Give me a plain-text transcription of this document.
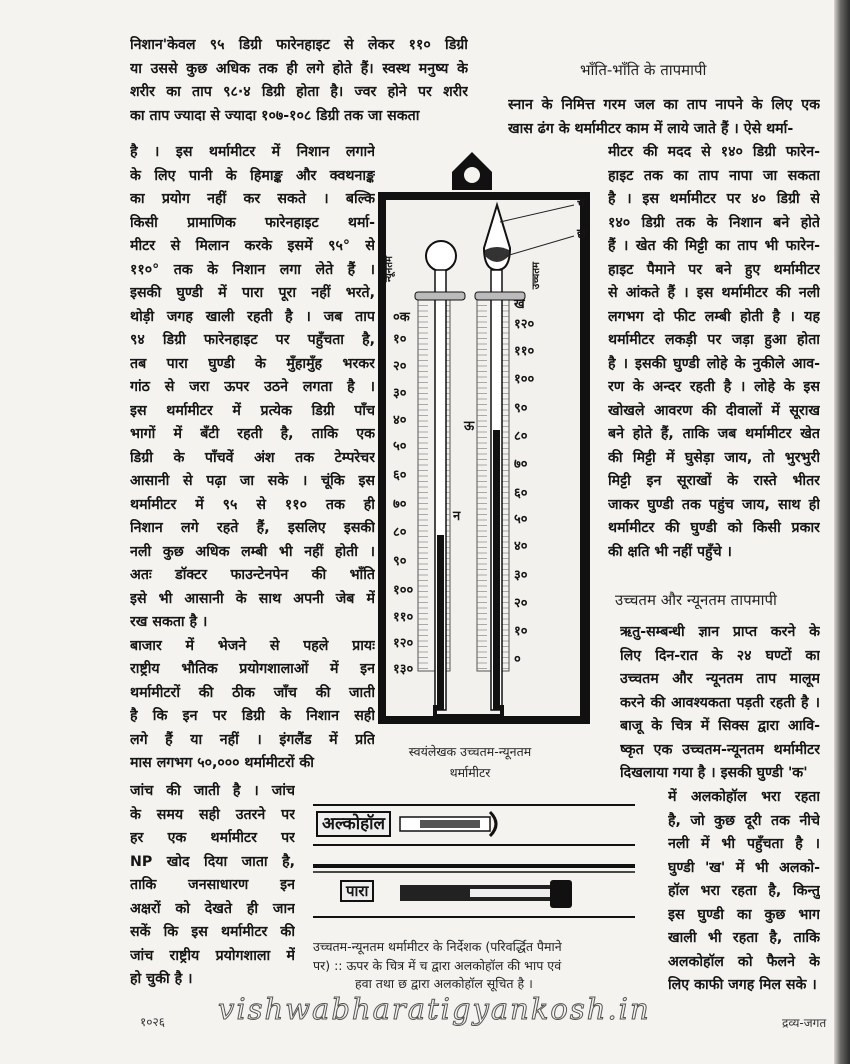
निशान'केवल ९५ डिग्री फारेनहाइट से लेकर ११० डिग्री
या उससे कुछ अधिक तक ही लगे होते हैं। स्वस्थ मनुष्य के
शरीर का ताप ९८·४ डिग्री होता है। ज्वर होने पर शरीर
का ताप ज्यादा से ज्यादा १०७-१०८ डिग्री तक जा सकता
है । इस थर्मामीटर में निशान लगाने
के लिए पानी के हिमाङ्क और क्वथनाङ्क
का प्रयोग नहीं कर सकते । बल्कि
किसी प्रामाणिक फारेनहाइट थर्मा-
मीटर से मिलान करके इसमें ९५° से
११०° तक के निशान लगा लेते हैं ।
इसकी घुण्डी में पारा पूरा नहीं भरते,
थोड़ी जगह खाली रहती है । जब ताप
९४ डिग्री फारेनहाइट पर पहुँचता है,
तब पारा घुण्डी के मुँहामुँह भरकर
गांठ से जरा ऊपर उठने लगता है ।
इस थर्मामीटर में प्रत्येक डिग्री पाँच
भागों में बँटी रहती है, ताकि एक
डिग्री के पाँचवें अंश तक टेम्परेचर
आसानी से पढ़ा जा सके । चूंकि इस
थर्मामीटर में ९५ से ११० तक ही
निशान लगे रहते हैं, इसलिए इसकी
नली कुछ अधिक लम्बी भी नहीं होती ।
अतः डॉक्टर फाउन्टेनपेन की भाँति
इसे भी आसानी के साथ अपनी जेब में
रख सकता है ।
बाजार में भेजने से पहले प्रायः
राष्ट्रीय भौतिक प्रयोगशालाओं में इन
थर्मामीटरों की ठीक जाँच की जाती
है कि इन पर डिग्री के निशान सही
लगे हैं या नहीं । इंगलैंड में प्रति
मास लगभग ५०,००० थर्मामीटरों की
जांच की जाती है । जांच
के समय सही उतरने पर
हर एक थर्मामीटर पर
NP खोद दिया जाता है,
ताकि जनसाधारण इन
अक्षरों को देखते ही जान
सकें कि इस थर्मामीटर की
जांच राष्ट्रीय प्रयोगशाला में
हो चुकी है ।
भाँति-भाँति के तापमापी
स्नान के निमित्त गरम जल का ताप नापने के लिए एक
खास ढंग के थर्मामीटर काम में लाये जाते हैं । ऐसे थर्मा-
मीटर की मदद से १४० डिग्री फारेन-
हाइट तक का ताप नापा जा सकता
है । इस थर्मामीटर पर ४० डिग्री से
१४० डिग्री तक के निशान बने होते
हैं । खेत की मिट्टी का ताप भी फारेन-
हाइट पैमाने पर बने हुए थर्मामीटर
से आंकते हैं । इस थर्मामीटर की नली
लगभग दो फीट लम्बी होती है । यह
थर्मामीटर लकड़ी पर जड़ा हुआ होता
है । इसकी घुण्डी लोहे के नुकीले आव-
रण के अन्दर रहती है । लोहे के इस
खोखले आवरण की दीवालों में सूराख
बने होते हैं, ताकि जब थर्मामीटर खेत
की मिट्टी में घुसेड़ा जाय, तो भुरभुरी
मिट्टी इन सूराखों के रास्ते भीतर
जाकर घुण्डी तक पहुंच जाय, साथ ही
थर्मामीटर की घुण्डी को किसी प्रकार
की क्षति भी नहीं पहुँचे ।
उच्चतम और न्यूनतम तापमापी
ऋतु-सम्बन्धी ज्ञान प्राप्त करने के
लिए दिन-रात के २४ घण्टों का
उच्चतम और न्यूनतम ताप मालूम
करने की आवश्यकता पड़ती रहती है ।
बाजू के चित्र में सिक्स द्वारा आवि-
ष्कृत एक उच्चतम-न्यूनतम थर्मामीटर
दिखलाया गया है । इसकी घुण्डी 'क'
में अलकोहॉल भरा रहता
है, जो कुछ दूरी तक नीचे
नली में भी पहुँचता है ।
घुण्डी 'ख' में भी अलको-
हॉल भरा रहता है, किन्तु
इस घुण्डी का कुछ भाग
खाली भी रहता है, ताकि
अलकोहॉल को फैलने के
लिए काफी जगह मिल सके ।
न्यूनतम	उच्चतम
०क
१०
२०
३०
४०
५०
६०
७०
८०
९०
१००
११०
१२०
१३०
ख
१२०
११०
१००
९०
८०
७०
६०
५०
४०
३०
२०
१०
०
च
छ
ऊ
न
स्वयंलेखक उच्चतम-न्यूनतम
थर्मामीटर
अल्कोहॉल
पारा
उच्चतम-न्यूनतम थर्मामीटर के निर्देशक (परिवर्द्धित पैमाने
पर) :: ऊपर के चित्र में च द्वारा अलकोहॉल की भाप एवं
हवा तथा छ द्वारा अलकोहॉल सूचित है ।
१०२६ vishwabharatigyankosh.in	द्रव्य-जगत
